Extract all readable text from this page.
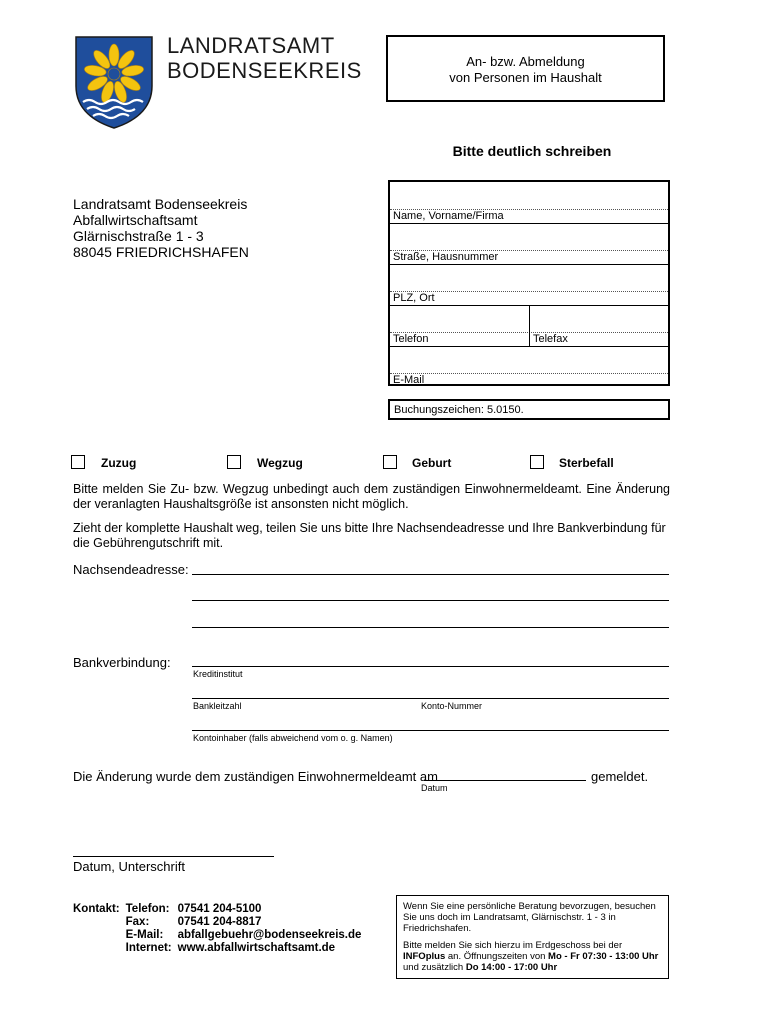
LANDRATSAMT
BODENSEEKREIS	An- bzw. Abmeldung
von Personen im Haushalt
Bitte deutlich schreiben
Landratsamt Bodenseekreis
Abfallwirtschaftsamt
Glärnischstraße 1 - 3
88045 FRIEDRICHSHAFEN
Name, Vorname/Firma
Straße, Hausnummer
PLZ, Ort
Telefon	Telefax
E-Mail
Buchungszeichen: 5.0150.
Zuzug	Wegzug	Geburt	Sterbefall
Bitte melden Sie Zu- bzw. Wegzug unbedingt auch dem zuständigen Einwohnermeldeamt. Eine Änderung der veranlagten Haushaltsgröße ist ansonsten nicht möglich.
Zieht der komplette Haushalt weg, teilen Sie uns bitte Ihre Nachsendeadresse und Ihre Bankverbindung für die Gebührengutschrift mit.
Nachsendeadresse:
Bankverbindung:
Kreditinstitut
Bankleitzahl	Konto-Nummer
Kontoinhaber (falls abweichend vom o. g. Namen)
Die Änderung wurde dem zuständigen Einwohnermeldeamt am	gemeldet.
Datum
Datum, Unterschrift
Kontakt:	Telefon:	07541 204-5100
	Fax:	07541 204-8817
	E-Mail:	abfallgebuehr@bodenseekreis.de
	Internet:	www.abfallwirtschaftsamt.de
Wenn Sie eine persönliche Beratung bevorzugen, besuchen Sie uns doch im Landratsamt, Glärnischstr. 1 - 3 in Friedrichshafen.
Bitte melden Sie sich hierzu im Erdgeschoss bei der INFOplus an. Öffnungszeiten von Mo - Fr 07:30 - 13:00 Uhr und zusätzlich Do 14:00 - 17:00 Uhr
